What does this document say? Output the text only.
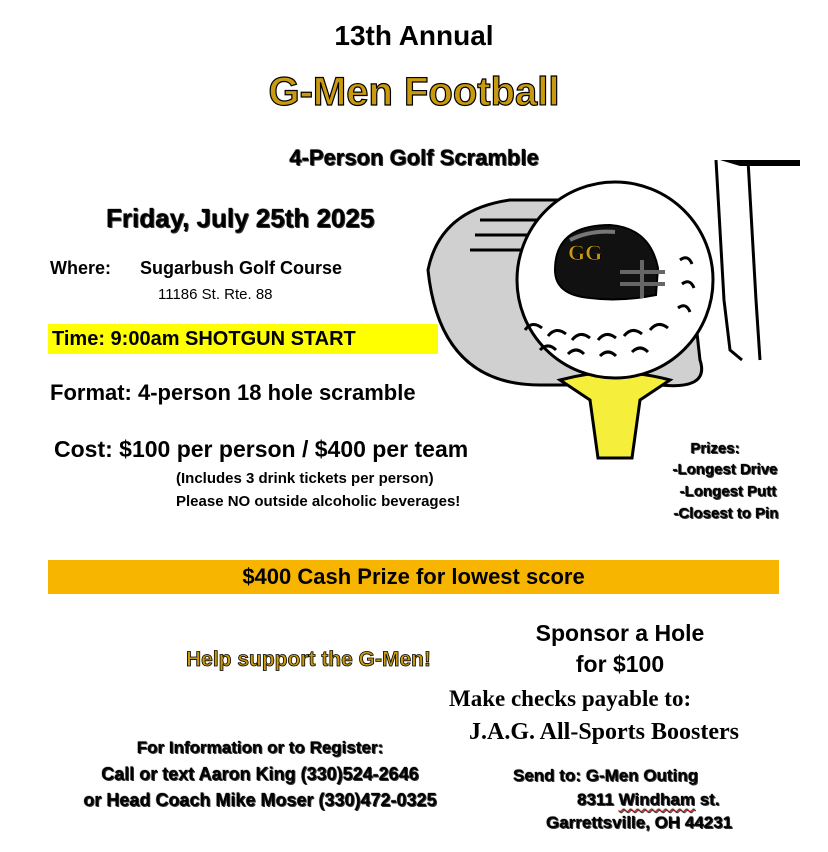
13th Annual
G-Men Football
4-Person Golf Scramble
GG
Friday, July 25th 2025
Where: Sugarbush Golf Course
11186 St. Rte. 88
Time: 9:00am SHOTGUN START
Format: 4-person 18 hole scramble
Cost: $100 per person / $400 per team
(Includes 3 drink tickets per person)
Please NO outside alcoholic beverages!
Prizes:
-Longest Drive
-Longest Putt
-Closest to Pin
$400 Cash Prize for lowest score
Help support the G-Men!
Sponsor a Hole
for $100
Make checks payable to:
J.A.G. All-Sports Boosters
For Information or to Register:
Call or text Aaron King (330)524-2646
or Head Coach Mike Moser (330)472-0325
Send to: G-Men Outing
8311 Windham st.
Garrettsville, OH 44231
